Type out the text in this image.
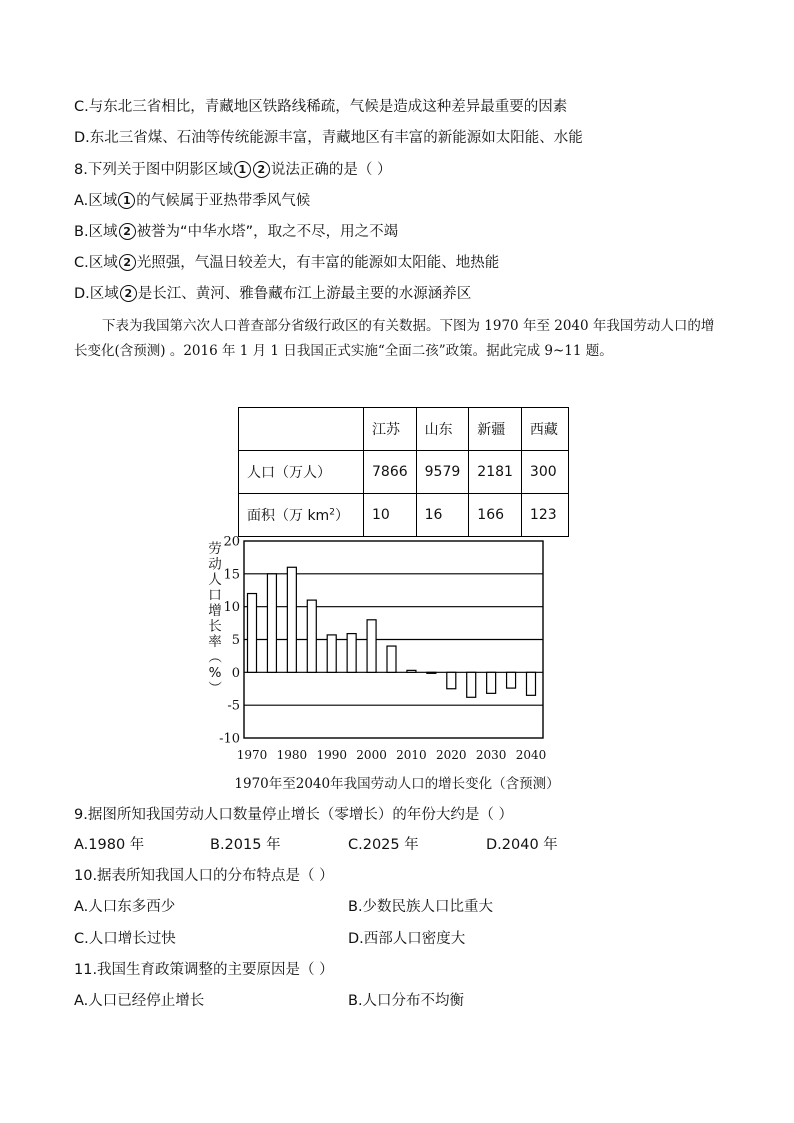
C.与东北三省相比，青藏地区铁路线稀疏，气候是造成这种差异最重要的因素
D.东北三省煤、石油等传统能源丰富，青藏地区有丰富的新能源如太阳能、水能
8.下列关于图中阴影区域 1 2 说法正确的是（ ）
A.区域 1 的气候属于亚热带季风气候
B.区域 2 被誉为“中华水塔”，取之不尽，用之不竭
C.区域 2 光照强，气温日较差大，有丰富的能源如太阳能、地热能
D.区域 2 是长江、黄河、雅鲁藏布江上游最主要的水源涵养区
下表为我国第六次人口普查部分省级行政区的有关数据。下图为 1970 年至 2040 年我国劳动人口的增长变化(含预测) 。2016 年 1 月 1 日我国正式实施“全面二孩”政策。据此完成 9~11 题。
	江苏	山东	新疆	西藏
人口（万人）	7866	9579	2181	300
面积（万 $km^2$）	10	16	166	123
20
15
10
5
0
-5
-10
1970 1980 1990 2000 2010 2020 2030 2040
劳
动
人
口
增
长
率
（
%
）
1970年至2040年我国劳动人口的增长变化（含预测）
9.据图所知我国劳动人口数量停止增长（零增长）的年份大约是（ ）
A.1980 年	B.2015 年	C.2025 年	D.2040 年
10.据表所知我国人口的分布特点是（ ）
A.人口东多西少	B.少数民族人口比重大
C.人口增长过快	D.西部人口密度大
11.我国生育政策调整的主要原因是（ ）
A.人口已经停止增长	B.人口分布不均衡
